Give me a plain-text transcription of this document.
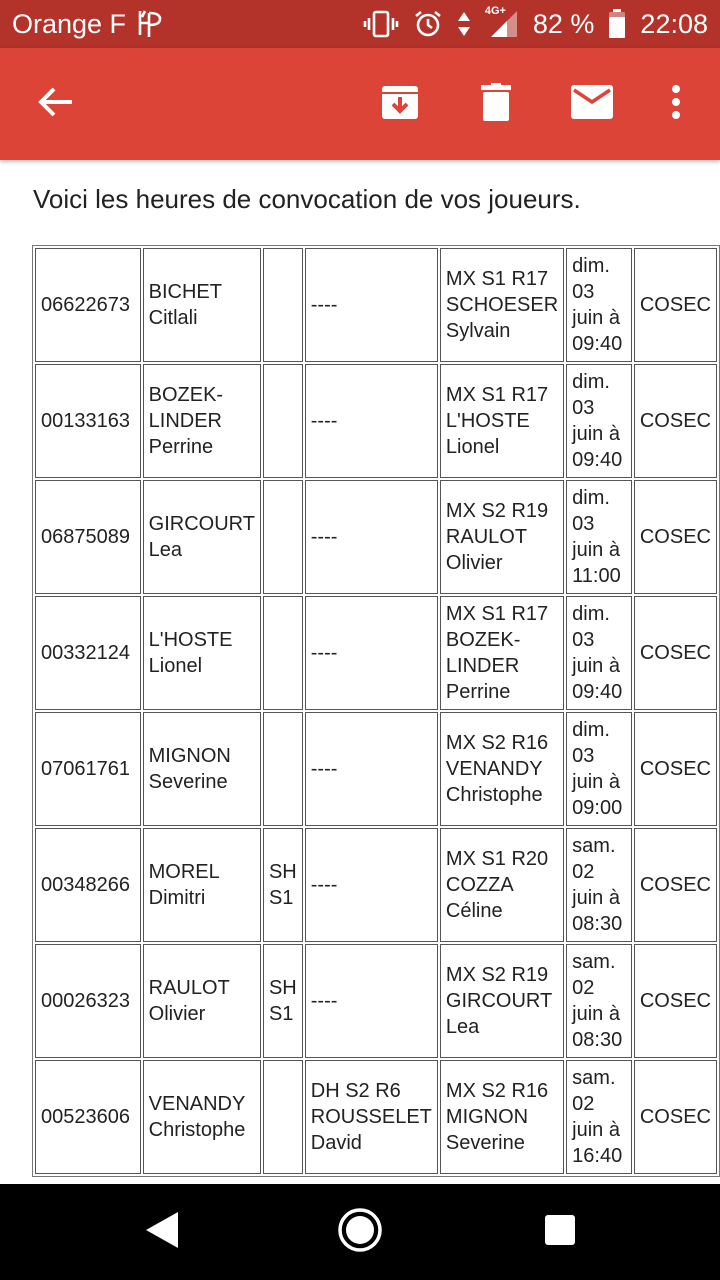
Orange F	4G+ 82 % 22:08
Voici les heures de convocation de vos joueurs.
06622673	BICHET
Citlali		----	MX S1 R17
SCHOESER
Sylvain	dim.
03
juin à
09:40	COSEC
00133163	BOZEK-
LINDER
Perrine		----	MX S1 R17
L'HOSTE
Lionel	dim.
03
juin à
09:40	COSEC
06875089	GIRCOURT
Lea		----	MX S2 R19
RAULOT
Olivier	dim.
03
juin à
11:00	COSEC
00332124	L'HOSTE
Lionel		----	MX S1 R17
BOZEK-
LINDER
Perrine	dim.
03
juin à
09:40	COSEC
07061761	MIGNON
Severine		----	MX S2 R16
VENANDY
Christophe	dim.
03
juin à
09:00	COSEC
00348266	MOREL
Dimitri	SH
S1	----	MX S1 R20
COZZA
Céline	sam.
02
juin à
08:30	COSEC
00026323	RAULOT
Olivier	SH
S1	----	MX S2 R19
GIRCOURT
Lea	sam.
02
juin à
08:30	COSEC
00523606	VENANDY
Christophe		DH S2 R6
ROUSSELET
David	MX S2 R16
MIGNON
Severine	sam.
02
juin à
16:40	COSEC
